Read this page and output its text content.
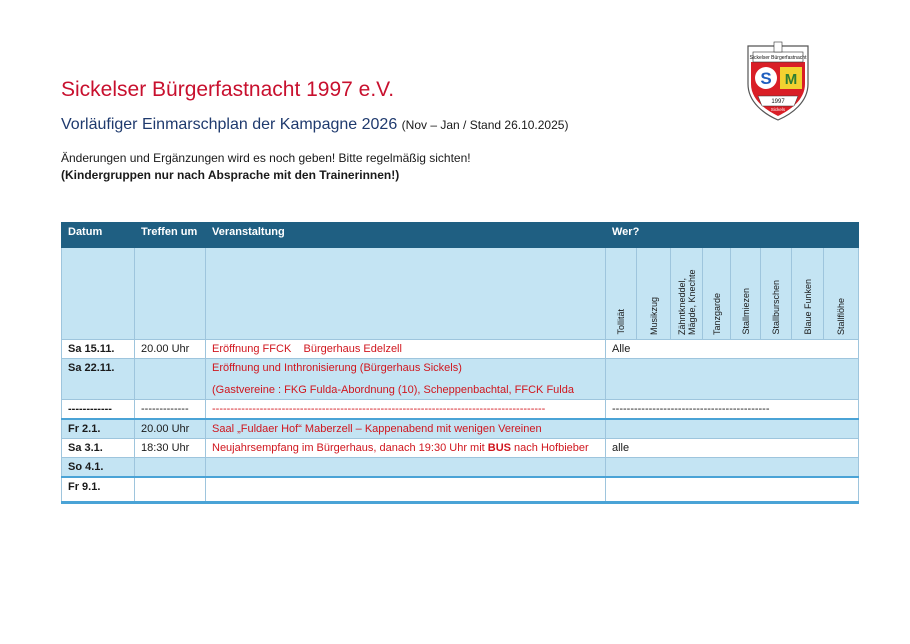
Sickelser Bürgerfastnacht 1997 e.V.
Vorläufiger Einmarschplan der Kampagne 2026 (Nov – Jan / Stand 26.10.2025)
Änderungen und Ergänzungen wird es noch geben! Bitte regelmäßig sichten!
(Kindergruppen nur nach Absprache mit den Trainerinnen!)
Sickelser Bürgerfastnacht
S M
1997
Sickels
Datum	Treffen um	Veranstaltung	Wer?							

			Tollität	Musikzug	Zähntkneddel, Mägde, Knechte	Tanzgarde	Stallmiezen	Stallburschen	Blaue Funken	Stallflöhe

Sa 15.11.	20.00 Uhr	Eröffnung FFCK    Bürgerhaus Edelzell	Alle							
Sa 22.11.		Eröffnung und Inthronisierung (Bürgerhaus Sickels)
(Gastvereine : FKG Fulda-Abordnung (10), Scheppenbachtal, FFCK Fulda								

------------	-------------	-------------------------------------------------------------------------------------------	-------------------------------------------							
Fr 2.1.	20.00 Uhr	Saal „Fuldaer Hof“ Maberzell – Kappenabend mit wenigen Vereinen								
Sa 3.1.	18:30 Uhr	Neujahrsempfang im Bürgerhaus, danach 19:30 Uhr mit BUS nach Hofbieber	alle							
So 4.1.										
Fr 9.1.										
